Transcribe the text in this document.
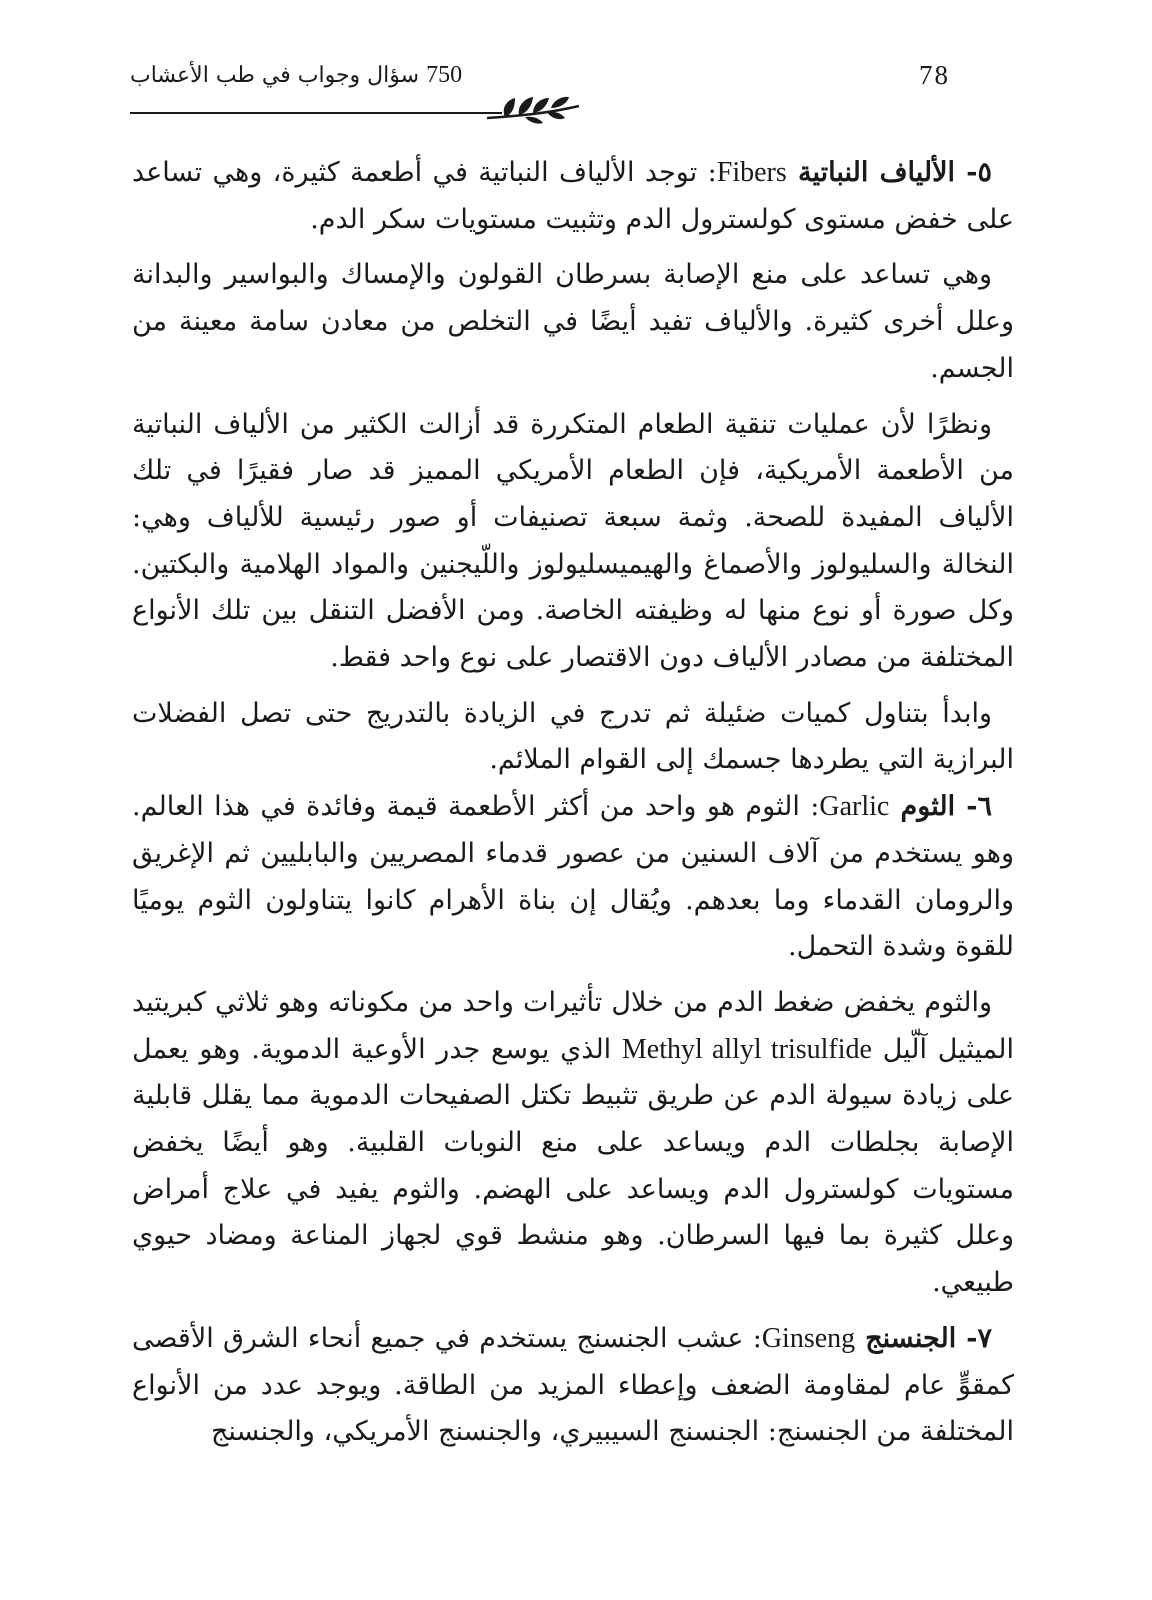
78
750 سؤال وجواب في طب الأعشاب

٥- الألياف النباتية Fibers: توجد الألياف النباتية في أطعمة كثيرة، وهي تساعد على خفض مستوى كولسترول الدم وتثبيت مستويات سكر الدم.

وهي تساعد على منع الإصابة بسرطان القولون والإمساك والبواسير والبدانة وعلل أخرى كثيرة. والألياف تفيد أيضًا في التخلص من معادن سامة معينة من الجسم.

ونظرًا لأن عمليات تنقية الطعام المتكررة قد أزالت الكثير من الألياف النباتية من الأطعمة الأمريكية، فإن الطعام الأمريكي المميز قد صار فقيرًا في تلك الألياف المفيدة للصحة. وثمة سبعة تصنيفات أو صور رئيسية للألياف وهي: النخالة والسليولوز والأصماغ والهيميسليولوز واللّيجنين والمواد الهلامية والبكتين. وكل صورة أو نوع منها له وظيفته الخاصة. ومن الأفضل التنقل بين تلك الأنواع المختلفة من مصادر الألياف دون الاقتصار على نوع واحد فقط.

وابدأ بتناول كميات ضئيلة ثم تدرج في الزيادة بالتدريج حتى تصل الفضلات البرازية التي يطردها جسمك إلى القوام الملائم.

٦- الثوم Garlic: الثوم هو واحد من أكثر الأطعمة قيمة وفائدة في هذا العالم. وهو يستخدم من آلاف السنين من عصور قدماء المصريين والبابليين ثم الإغريق والرومان القدماء وما بعدهم. ويُقال إن بناة الأهرام كانوا يتناولون الثوم يوميًا للقوة وشدة التحمل.

والثوم يخفض ضغط الدم من خلال تأثيرات واحد من مكوناته وهو ثلاثي كبريتيد الميثيل آلّيل Methyl allyl trisulfide الذي يوسع جدر الأوعية الدموية. وهو يعمل على زيادة سيولة الدم عن طريق تثبيط تكتل الصفيحات الدموية مما يقلل قابلية الإصابة بجلطات الدم ويساعد على منع النوبات القلبية. وهو أيضًا يخفض مستويات كولسترول الدم ويساعد على الهضم. والثوم يفيد في علاج أمراض وعلل كثيرة بما فيها السرطان. وهو منشط قوي لجهاز المناعة ومضاد حيوي طبيعي.

٧- الجنسنج Ginseng: عشب الجنسنج يستخدم في جميع أنحاء الشرق الأقصى كمقوٍّ عام لمقاومة الضعف وإعطاء المزيد من الطاقة. ويوجد عدد من الأنواع المختلفة من الجنسنج: الجنسنج السيبيري، والجنسنج الأمريكي، والجنسنج
